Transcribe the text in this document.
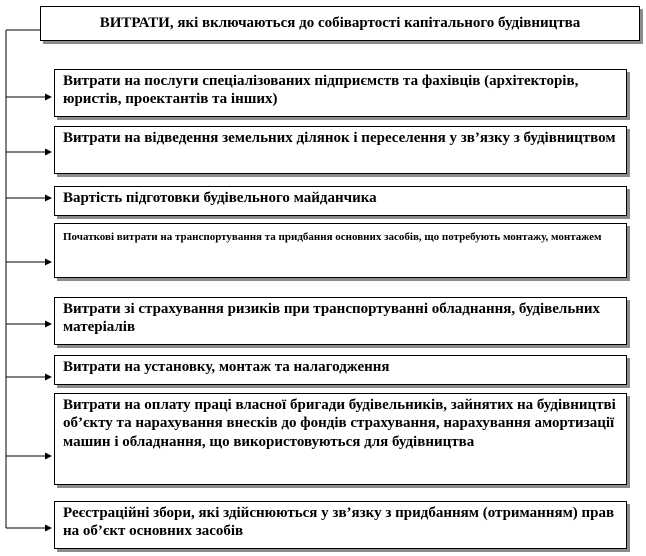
ВИТРАТИ, які включаються до собівартості капітального будівництва
Витрати на послуги спеціалізованих підприємств та фахівців (архітекторів, юристів, проектантів та інших)
Витрати на відведення земельних ділянок і переселення у зв’язку з будівництвом
Вартість підготовки будівельного майданчика
Початкові витрати на транспортування та придбання основних засобів, що потребують монтажу, монтажем
Витрати зі страхування ризиків при транспортуванні обладнання, будівельних матеріалів
Витрати на установку, монтаж та налагодження
Витрати на оплату праці власної бригади будівельників, зайнятих на будівництві об’єкту та нарахування внесків до фондів страхування, нарахування амортизації машин і обладнання, що використовуються для будівництва
Реєстраційні збори, які здійснюються у зв’язку з придбанням (отриманням) прав на об’єкт основних засобів
